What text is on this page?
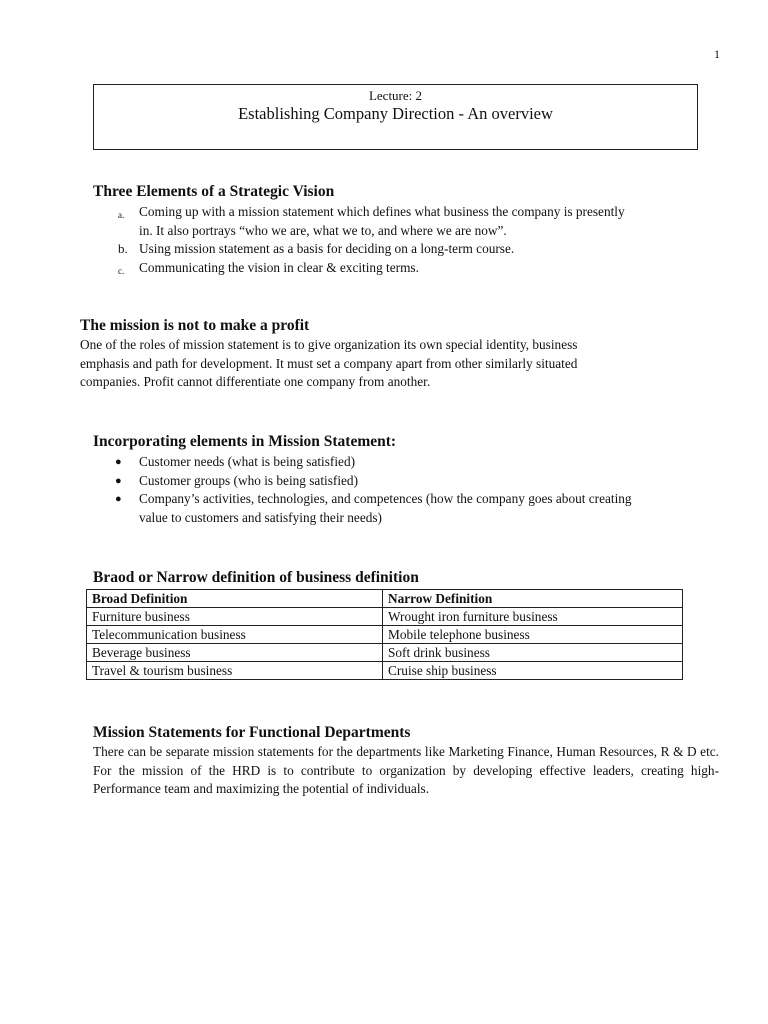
1
Lecture: 2
Establishing Company Direction - An overview
Three Elements of a Strategic Vision
a. Coming up with a mission statement which defines what business the company is presently
in. It also portrays “who we are, what we to, and where we are now”.
b. Using mission statement as a basis for deciding on a long-term course.
c. Communicating the vision in clear & exciting terms.
The mission is not to make a profit
One of the roles of mission statement is to give organization its own special identity, business
emphasis and path for development. It must set a company apart from other similarly situated
companies. Profit cannot differentiate one company from another.
Incorporating elements in Mission Statement:
● Customer needs (what is being satisfied)
● Customer groups (who is being satisfied)
● Company’s activities, technologies, and competences (how the company goes about creating
value to customers and satisfying their needs)
Braod or Narrow definition of business definition
Broad Definition	Narrow Definition
Furniture business	Wrought iron furniture business
Telecommunication business	Mobile telephone business
Beverage business	Soft drink business
Travel & tourism business	Cruise ship business
Mission Statements for Functional Departments
There can be separate mission statements for the departments like Marketing Finance, Human Resources, R & D etc. For the mission of the HRD is to contribute to organization by developing effective leaders, creating high-Performance team and maximizing the potential of individuals.
